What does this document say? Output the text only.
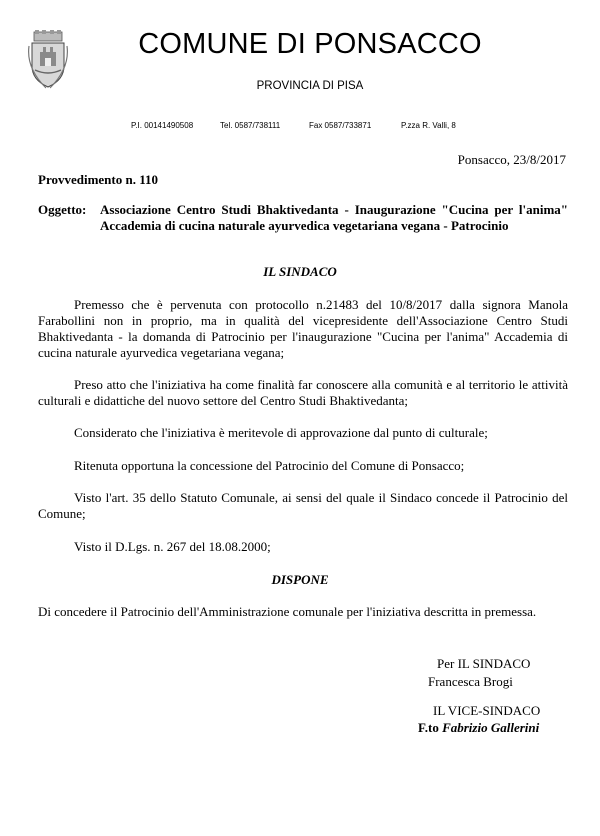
COMUNE DI PONSACCO
PROVINCIA DI PISA
P.I. 00141490508	Tel. 0587/738111	Fax 0587/733871	P.zza R. Valli, 8
Ponsacco, 23/8/2017
Provvedimento n. 110
Oggetto: Associazione Centro Studi Bhaktivedanta - Inaugurazione "Cucina per l'anima" Accademia di cucina naturale ayurvedica vegetariana vegana - Patrocinio
IL SINDACO

Premesso che è pervenuta con protocollo n.21483 del 10/8/2017 dalla signora Manola Farabollini non in proprio, ma in qualità del vicepresidente dell'Associazione Centro Studi Bhaktivedanta - la domanda di Patrocinio per l'inaugurazione "Cucina per l'anima" Accademia di cucina naturale ayurvedica vegetariana vegana;

Preso atto che l'iniziativa ha come finalità far conoscere alla comunità e al territorio le attività culturali e didattiche del nuovo settore del Centro Studi Bhaktivedanta;

Considerato che l'iniziativa è meritevole di approvazione dal punto di culturale;

Ritenuta opportuna la concessione del Patrocinio del Comune di Ponsacco;

Visto l'art. 35 dello Statuto Comunale, ai sensi del quale il Sindaco concede il Patrocinio del Comune;

Visto il D.Lgs. n. 267 del 18.08.2000;

DISPONE

Di concedere il Patrocinio dell'Amministrazione comunale per l'iniziativa descritta in premessa.

Per IL SINDACO
Francesca Brogi
IL VICE-SINDACO
F.to Fabrizio Gallerini
